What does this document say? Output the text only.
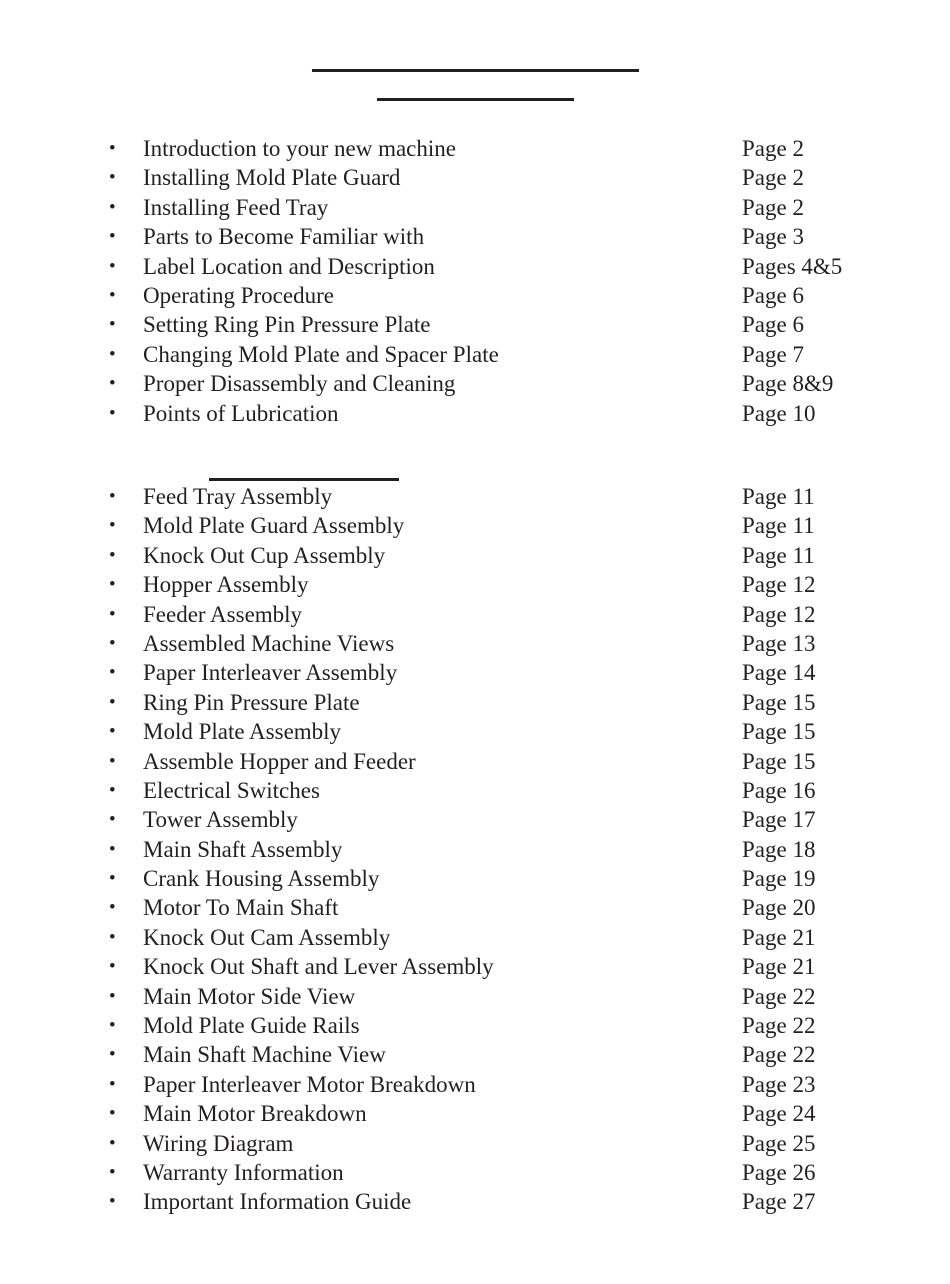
• Introduction to your new machine	Page 2
• Installing Mold Plate Guard	Page 2
• Installing Feed Tray	Page 2
• Parts to Become Familiar with	Page 3
• Label Location and Description	Pages 4&5
• Operating Procedure	Page 6
• Setting Ring Pin Pressure Plate	Page 6
• Changing Mold Plate and Spacer Plate	Page 7
• Proper Disassembly and Cleaning	Page 8&9
• Points of Lubrication	Page 10
• Feed Tray Assembly	Page 11
• Mold Plate Guard Assembly	Page 11
• Knock Out Cup Assembly	Page 11
• Hopper Assembly	Page 12
• Feeder Assembly	Page 12
• Assembled Machine Views	Page 13
• Paper Interleaver Assembly	Page 14
• Ring Pin Pressure Plate	Page 15
• Mold Plate Assembly	Page 15
• Assemble Hopper and Feeder	Page 15
• Electrical Switches	Page 16
• Tower Assembly	Page 17
• Main Shaft Assembly	Page 18
• Crank Housing Assembly	Page 19
• Motor To Main Shaft	Page 20
• Knock Out Cam Assembly	Page 21
• Knock Out Shaft and Lever Assembly	Page 21
• Main Motor Side View	Page 22
• Mold Plate Guide Rails	Page 22
• Main Shaft Machine View	Page 22
• Paper Interleaver Motor Breakdown	Page 23
• Main Motor Breakdown	Page 24
• Wiring Diagram	Page 25
• Warranty Information	Page 26
• Important Information Guide	Page 27
